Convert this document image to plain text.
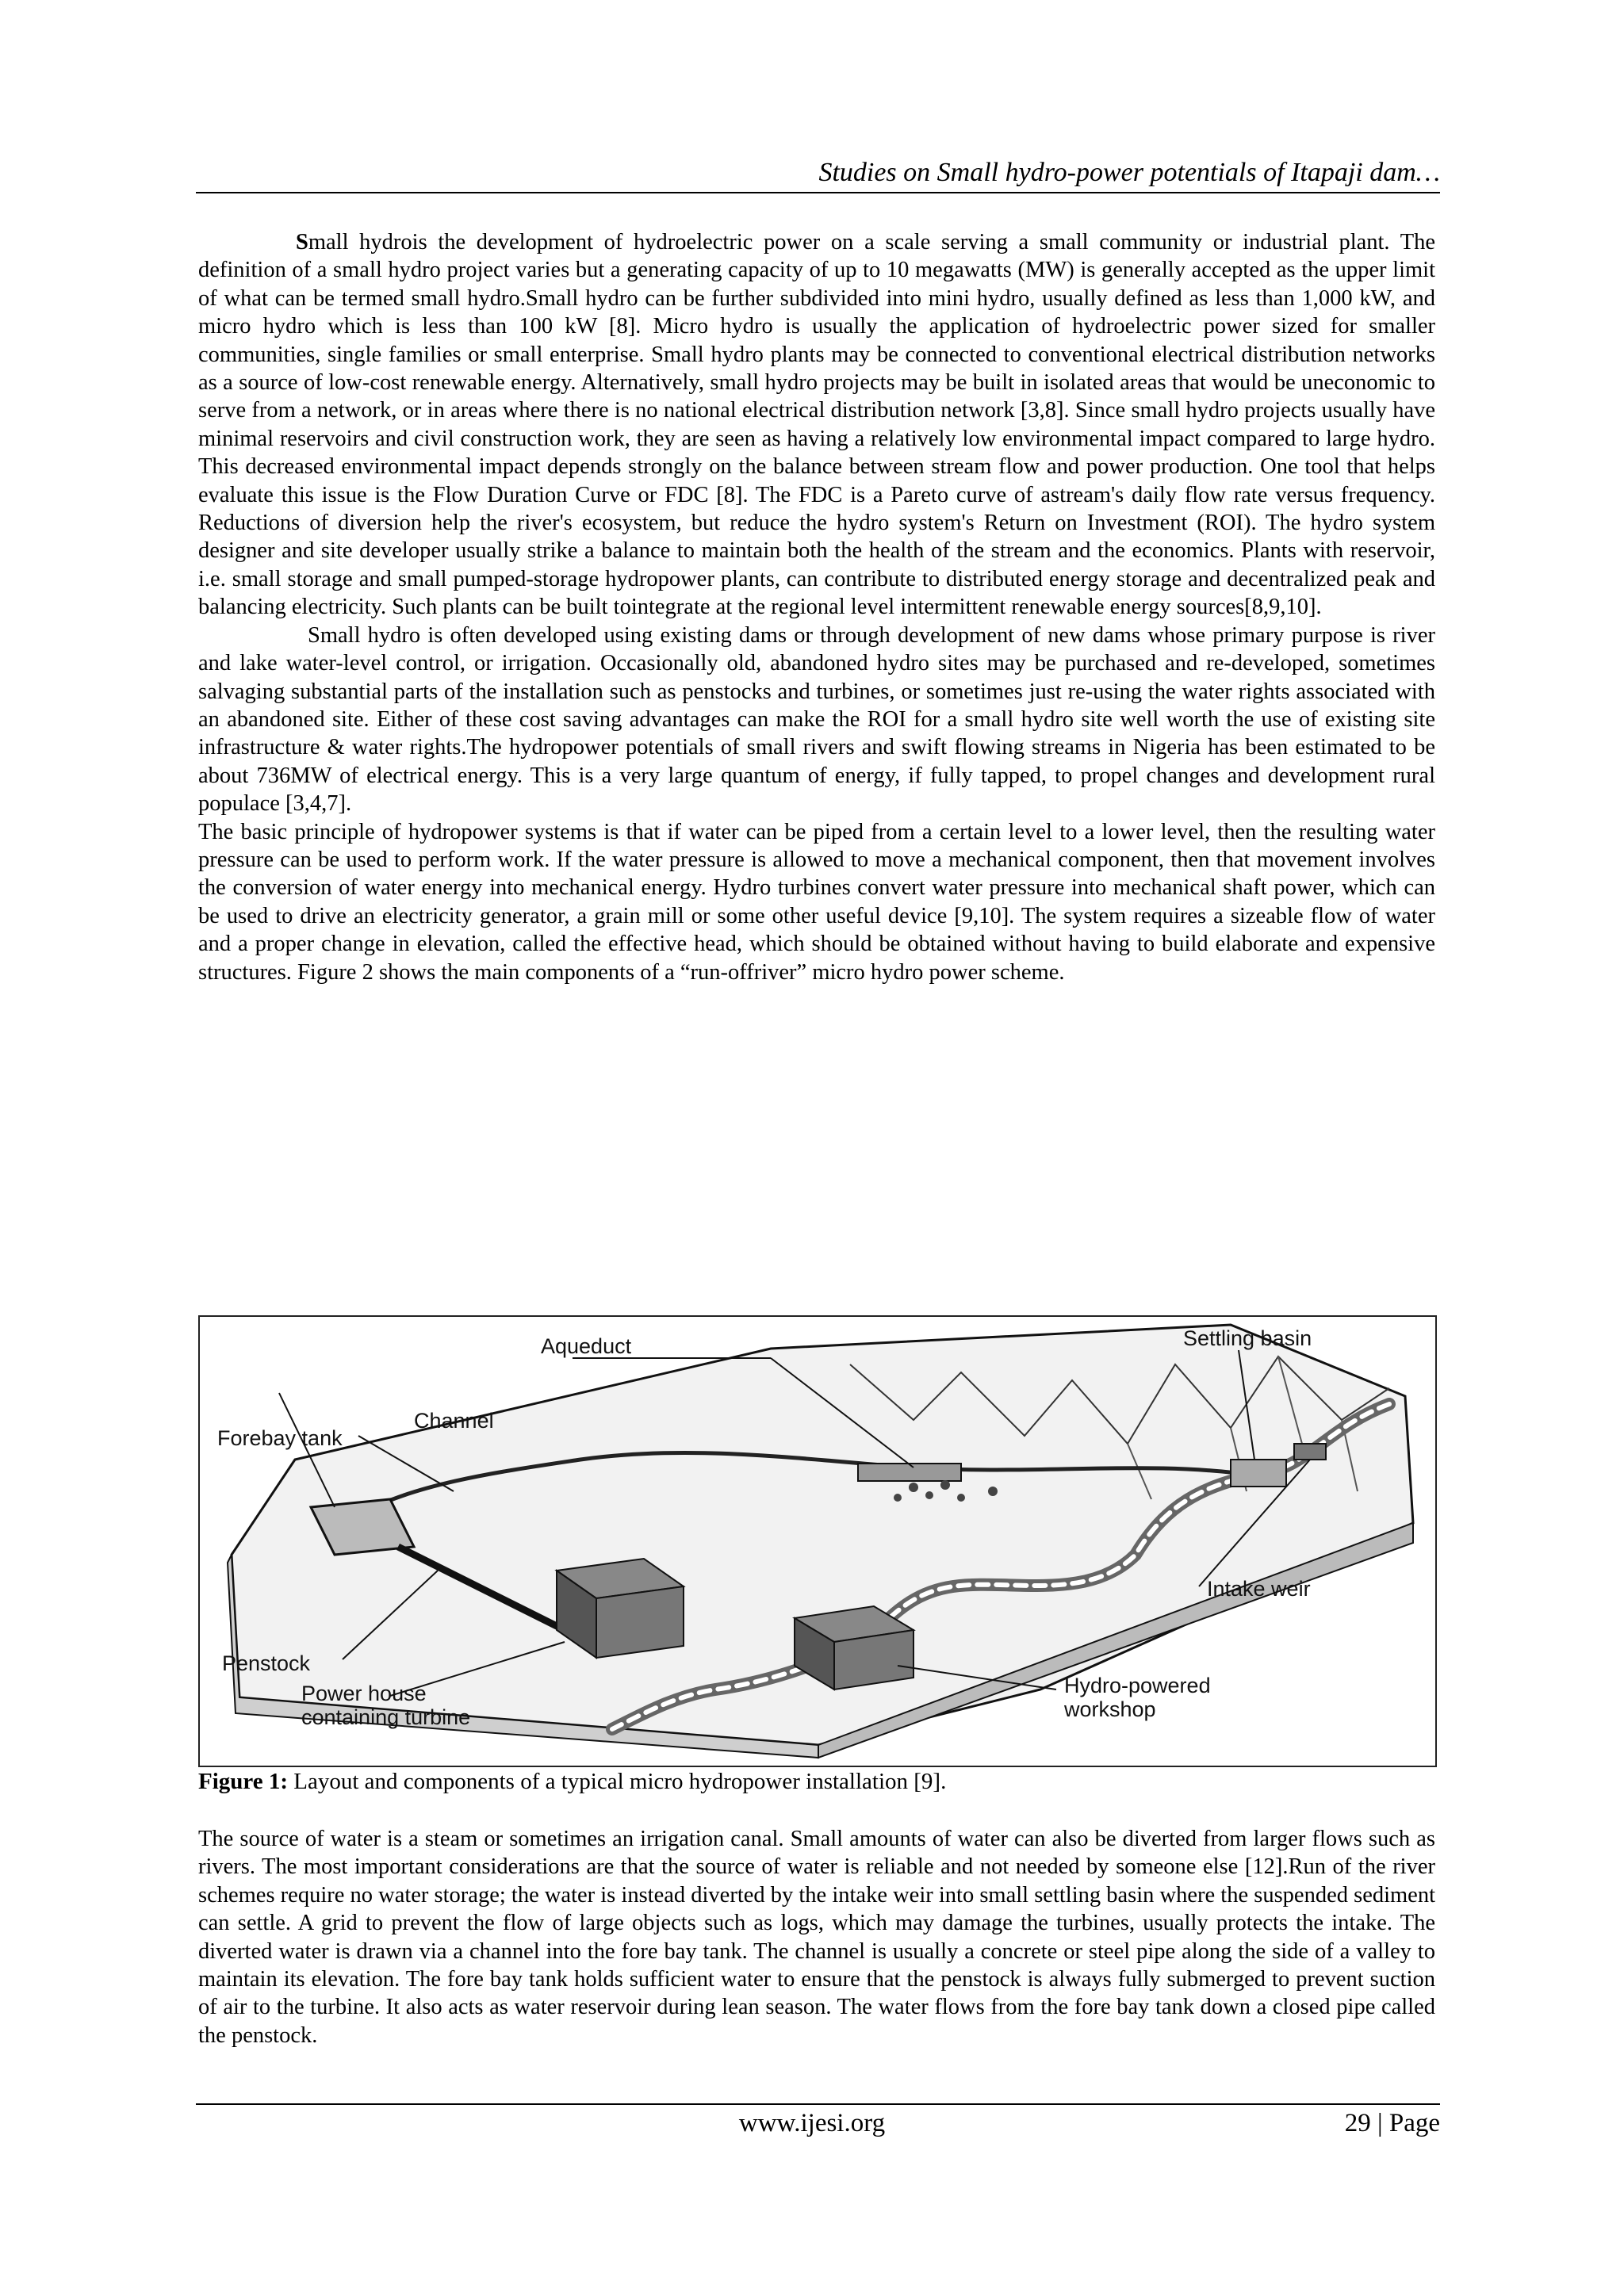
Studies on Small hydro-power potentials of Itapaji dam…

Small hydrois the development of hydroelectric power on a scale serving a small community or industrial plant. The definition of a small hydro project varies but a generating capacity of up to 10 megawatts (MW) is generally accepted as the upper limit of what can be termed small hydro.Small hydro can be further subdivided into mini hydro, usually defined as less than 1,000 kW, and micro hydro which is less than 100 kW [8]. Micro hydro is usually the application of hydroelectric power sized for smaller communities, single families or small enterprise. Small hydro plants may be connected to conventional electrical distribution networks as a source of low-cost renewable energy. Alternatively, small hydro projects may be built in isolated areas that would be uneconomic to serve from a network, or in areas where there is no national electrical distribution network [3,8]. Since small hydro projects usually have minimal reservoirs and civil construction work, they are seen as having a relatively low environmental impact compared to large hydro. This decreased environmental impact depends strongly on the balance between stream flow and power production. One tool that helps evaluate this issue is the Flow Duration Curve or FDC [8]. The FDC is a Pareto curve of astream's daily flow rate versus frequency. Reductions of diversion help the river's ecosystem, but reduce the hydro system's Return on Investment (ROI). The hydro system designer and site developer usually strike a balance to maintain both the health of the stream and the economics. Plants with reservoir, i.e. small storage and small pumped-storage hydropower plants, can contribute to distributed energy storage and decentralized peak and balancing electricity. Such plants can be built tointegrate at the regional level intermittent renewable energy sources[8,9,10].

Small hydro is often developed using existing dams or through development of new dams whose primary purpose is river and lake water-level control, or irrigation. Occasionally old, abandoned hydro sites may be purchased and re-developed, sometimes salvaging substantial parts of the installation such as penstocks and turbines, or sometimes just re-using the water rights associated with an abandoned site. Either of these cost saving advantages can make the ROI for a small hydro site well worth the use of existing site infrastructure & water rights.The hydropower potentials of small rivers and swift flowing streams in Nigeria has been estimated to be about 736MW of electrical energy. This is a very large quantum of energy, if fully tapped, to propel changes and development rural populace [3,4,7].

The basic principle of hydropower systems is that if water can be piped from a certain level to a lower level, then the resulting water pressure can be used to perform work. If the water pressure is allowed to move a mechanical component, then that movement involves the conversion of water energy into mechanical energy. Hydro turbines convert water pressure into mechanical shaft power, which can be used to drive an electricity generator, a grain mill or some other useful device [9,10]. The system requires a sizeable flow of water and a proper change in elevation, called the effective head, which should be obtained without having to build elaborate and expensive structures. Figure 2 shows the main components of a “run-offriver” micro hydro power scheme.

Aqueduct	Settling basin
Channel
Forebay tank
Intake weir
Penstock
Power house
containing turbine
Hydro-powered
workshop
Figure 1: Layout and components of a typical micro hydropower installation [9].

The source of water is a steam or sometimes an irrigation canal. Small amounts of water can also be diverted from larger flows such as rivers. The most important considerations are that the source of water is reliable and not needed by someone else [12].Run of the river schemes require no water storage; the water is instead diverted by the intake weir into small settling basin where the suspended sediment can settle. A grid to prevent the flow of large objects such as logs, which may damage the turbines, usually protects the intake. The diverted water is drawn via a channel into the fore bay tank. The channel is usually a concrete or steel pipe along the side of a valley to maintain its elevation. The fore bay tank holds sufficient water to ensure that the penstock is always fully submerged to prevent suction of air to the turbine. It also acts as water reservoir during lean season. The water flows from the fore bay tank down a closed pipe called the penstock.

www.ijesi.org	29 | Page
